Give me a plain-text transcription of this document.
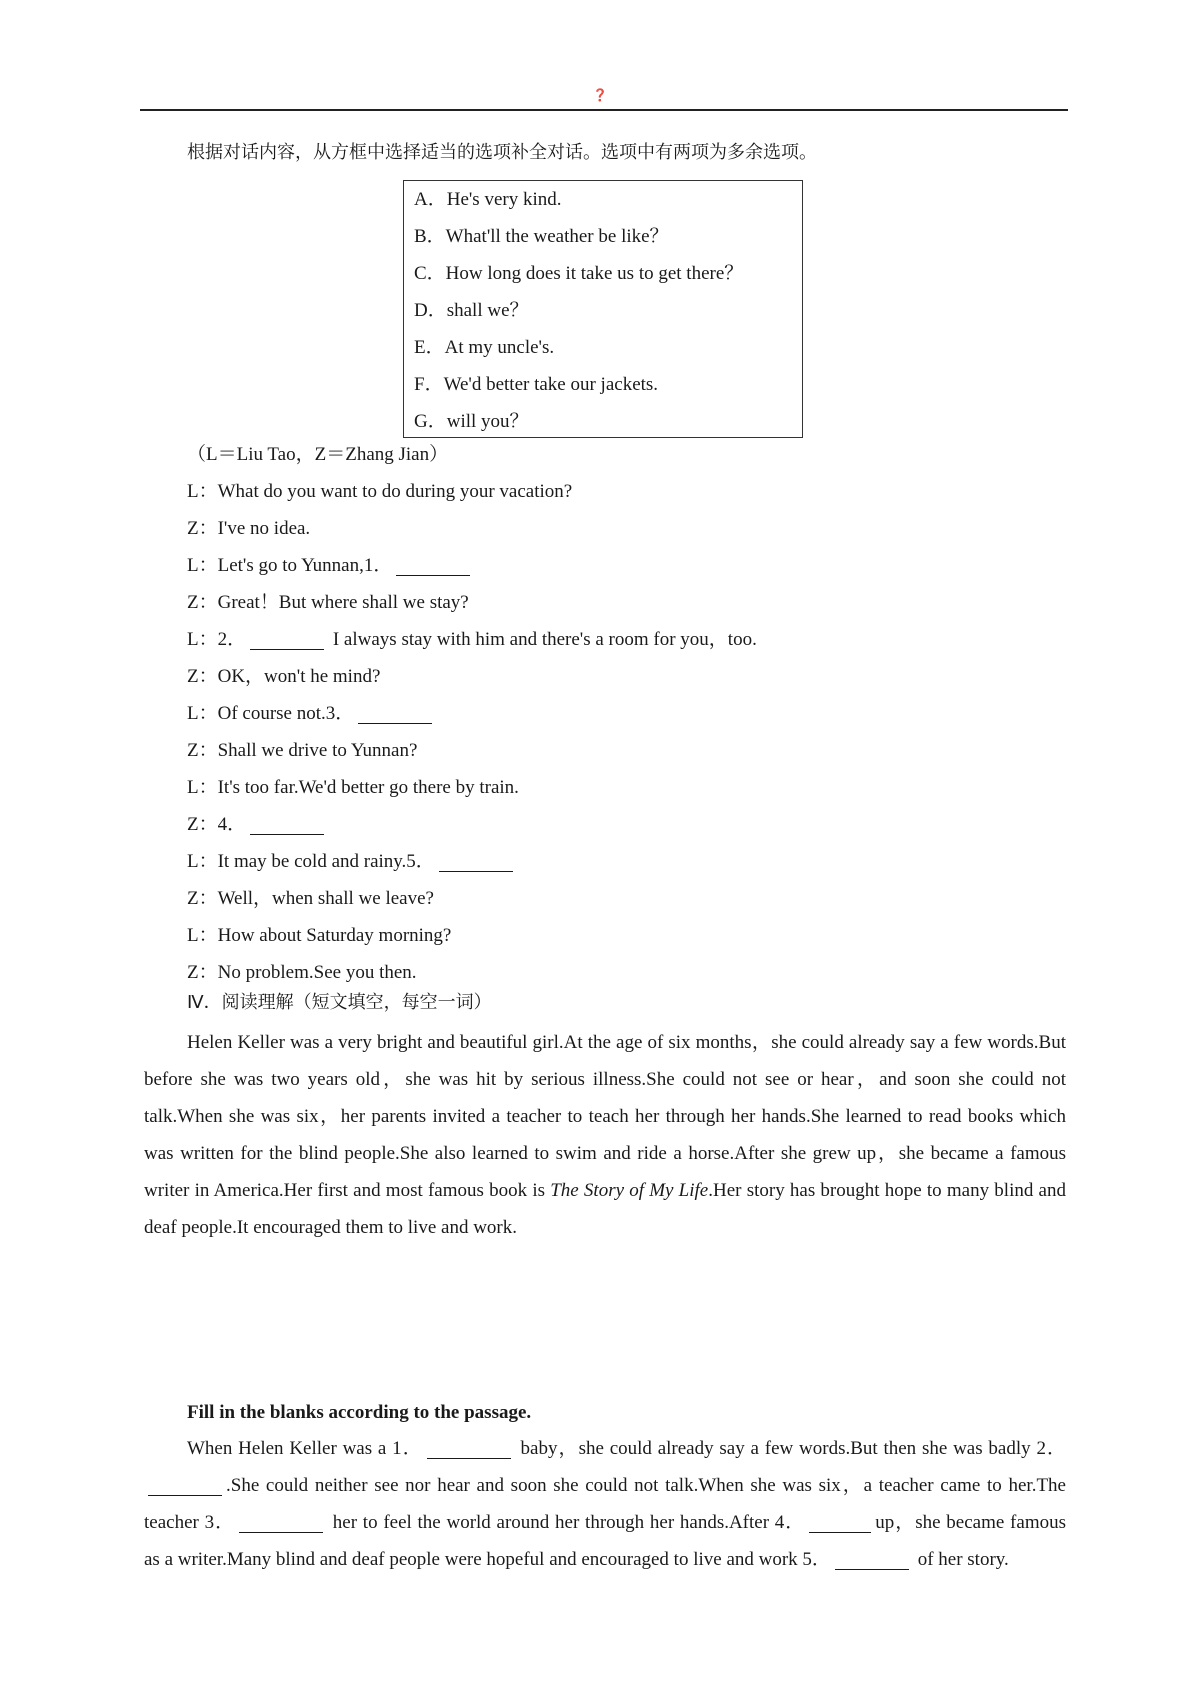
❓

根据对话内容，从方框中选择适当的选项补全对话。选项中有两项为多余选项。

A．He's very kind.
B．What'll the weather be like？
C．How long does it take us to get there？
D．shall we？
E．At my uncle's.
F．We'd better take our jackets.
G．will you？
（L＝Liu Tao，Z＝Zhang Jian）
L：What do you want to do during your vacation?
Z：I've no idea.
L：Let's go to Yunnan,1．
Z：Great！But where shall we stay?
L：2．	I always stay with him and there's a room for you，too.
Z：OK，won't he mind?
L：Of course not.3．
Z：Shall we drive to Yunnan?
L：It's too far.We'd better go there by train.
Z：4．
L：It may be cold and rainy.5．
Z：Well，when shall we leave?
L：How about Saturday morning?
Z：No problem.See you then.
Ⅳ．阅读理解（短文填空，每空一词）

Helen Keller was a very bright and beautiful girl.At the age of six months，she could already say a few words.But before she was two years old，she was hit by serious illness.She could not see or hear，and soon she could not talk.When she was six，her parents invited a teacher to teach her through her hands.She learned to read books which was written for the blind people.She also learned to swim and ride a horse.After she grew up，she became a famous writer in America.Her first and most famous book is The Story of My Life.Her story has brought hope to many blind and deaf people.It encouraged them to live and work.

Fill in the blanks according to the passage.

When Helen Keller was a 1．	baby，she could already say a few words.But then she was badly 2．.She could neither see nor hear and soon she could not talk.When she was six，a teacher came to her.The teacher 3．	her to feel the world around her through her hands.After 4．	up，she became famous as a writer.Many blind and deaf people were hopeful and encouraged to live and work 5．	of her story.
